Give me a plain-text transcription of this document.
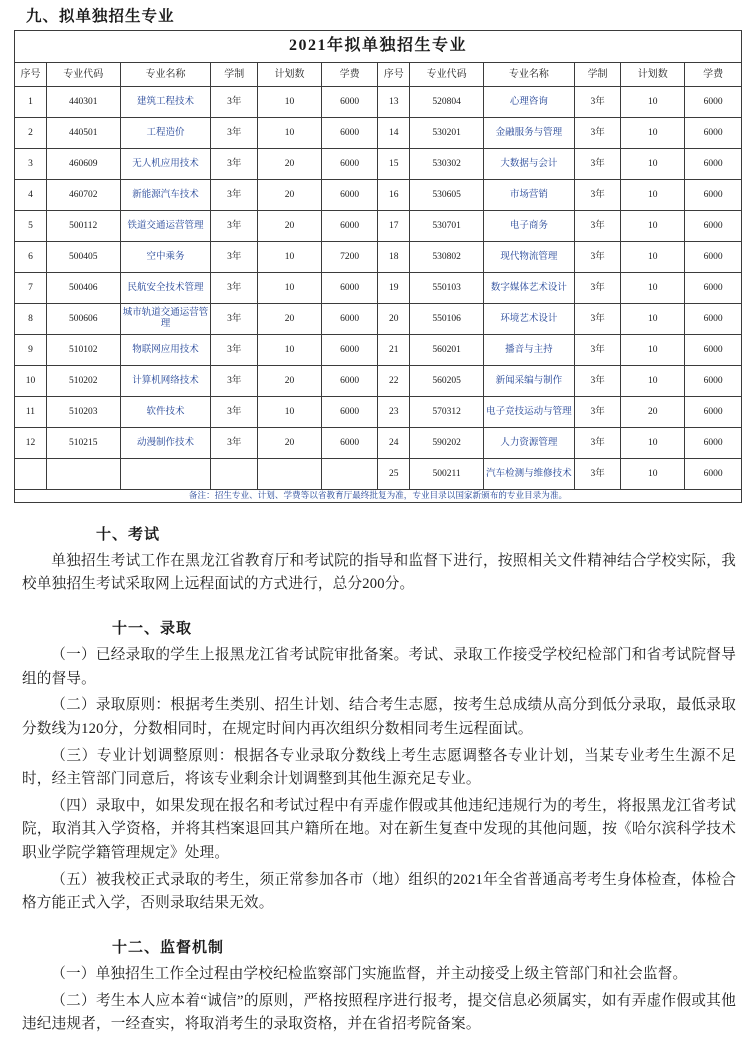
九、拟单独招生专业
2021年拟单独招生专业											
序号	专业代码	专业名称	学制	计划数	学费	序号	专业代码	专业名称	学制	计划数	学费
1	440301	建筑工程技术	3年	10	6000	13	520804	心理咨询	3年	10	6000
2	440501	工程造价	3年	10	6000	14	530201	金融服务与管理	3年	10	6000
3	460609	无人机应用技术	3年	20	6000	15	530302	大数据与会计	3年	10	6000
4	460702	新能源汽车技术	3年	20	6000	16	530605	市场营销	3年	10	6000
5	500112	铁道交通运营管理	3年	20	6000	17	530701	电子商务	3年	10	6000
6	500405	空中乘务	3年	10	7200	18	530802	现代物流管理	3年	10	6000
7	500406	民航安全技术管理	3年	10	6000	19	550103	数字媒体艺术设计	3年	10	6000
8	500606	城市轨道交通运营管理	3年	20	6000	20	550106	环境艺术设计	3年	10	6000
9	510102	物联网应用技术	3年	10	6000	21	560201	播音与主持	3年	10	6000
10	510202	计算机网络技术	3年	20	6000	22	560205	新闻采编与制作	3年	10	6000
11	510203	软件技术	3年	10	6000	23	570312	电子竞技运动与管理	3年	20	6000
12	510215	动漫制作技术	3年	20	6000	24	590202	人力资源管理	3年	10	6000
						25	500211	汽车检测与维修技术	3年	10	6000
备注：招生专业、计划、学费等以省教育厅最终批复为准，专业目录以国家新颁布的专业目录为准。											
十、考试

单独招生考试工作在黑龙江省教育厅和考试院的指导和监督下进行，按照相关文件精神结合学校实际，我校单独招生考试采取网上远程面试的方式进行，总分200分。

十一、录取

（一）已经录取的学生上报黑龙江省考试院审批备案。考试、录取工作接受学校纪检部门和省考试院督导组的督导。

（二）录取原则：根据考生类别、招生计划、结合考生志愿，按考生总成绩从高分到低分录取，最低录取分数线为120分，分数相同时，在规定时间内再次组织分数相同考生远程面试。

（三）专业计划调整原则：根据各专业录取分数线上考生志愿调整各专业计划，当某专业考生生源不足时，经主管部门同意后，将该专业剩余计划调整到其他生源充足专业。

（四）录取中，如果发现在报名和考试过程中有弄虚作假或其他违纪违规行为的考生，将报黑龙江省考试院，取消其入学资格，并将其档案退回其户籍所在地。对在新生复查中发现的其他问题，按《哈尔滨科学技术职业学院学籍管理规定》处理。

（五）被我校正式录取的考生，须正常参加各市（地）组织的2021年全省普通高考考生身体检查，体检合格方能正式入学，否则录取结果无效。

十二、监督机制

（一）单独招生工作全过程由学校纪检监察部门实施监督，并主动接受上级主管部门和社会监督。

（二）考生本人应本着“诚信”的原则，严格按照程序进行报考，提交信息必须属实，如有弄虚作假或其他违纪违规者，一经查实，将取消考生的录取资格，并在省招考院备案。
